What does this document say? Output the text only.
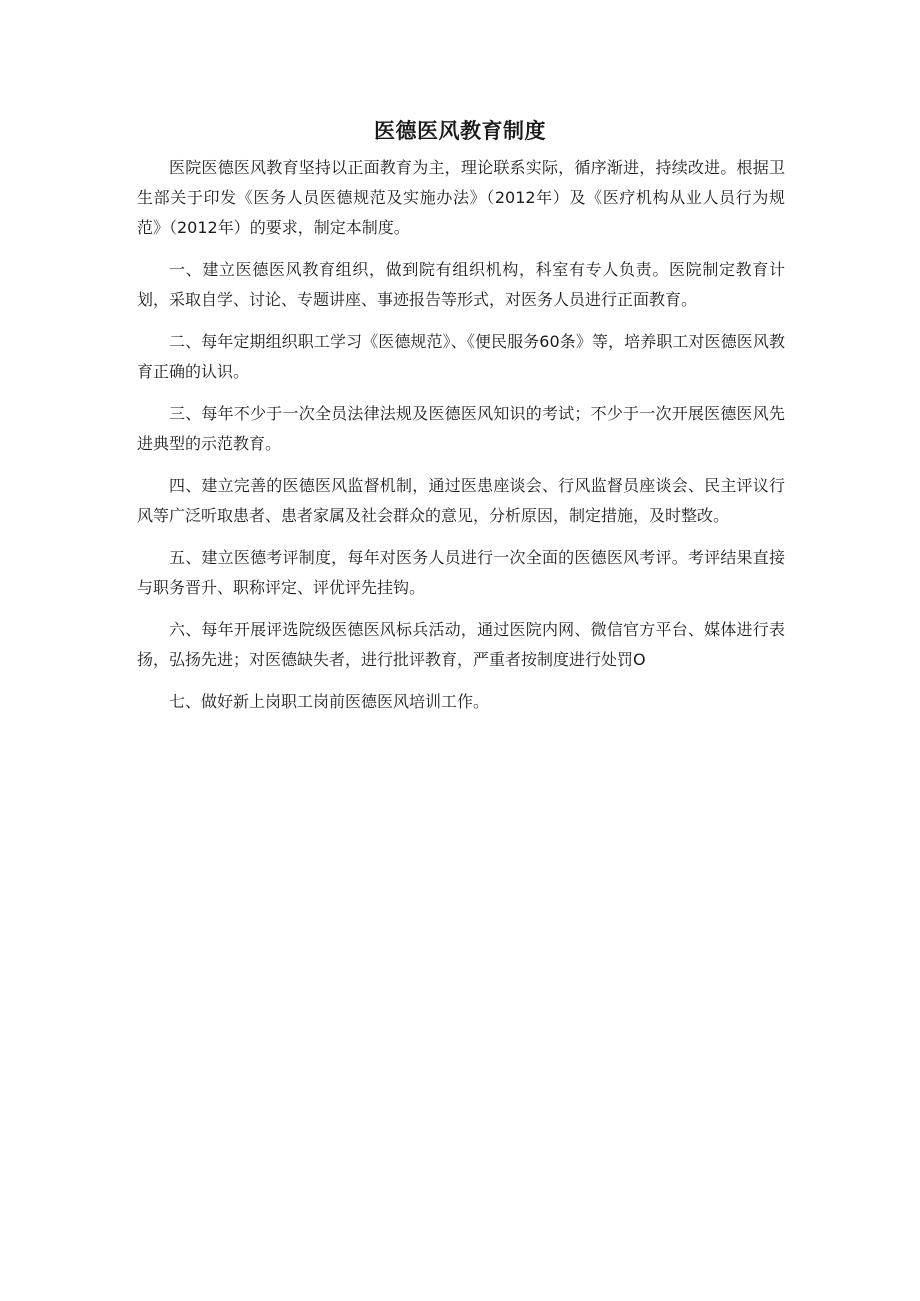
医德医风教育制度

医院医德医风教育坚持以正面教育为主，理论联系实际，循序渐进，持续改进。根据卫生部关于印发《医务人员医德规范及实施办法》（2012年）及《医疗机构从业人员行为规范》（2012年）的要求，制定本制度。

一、建立医德医风教育组织，做到院有组织机构，科室有专人负责。医院制定教育计划，采取自学、讨论、专题讲座、事迹报告等形式，对医务人员进行正面教育。

二、每年定期组织职工学习《医德规范》、《便民服务60条》等，培养职工对医德医风教育正确的认识。

三、每年不少于一次全员法律法规及医德医风知识的考试；不少于一次开展医德医风先进典型的示范教育。

四、建立完善的医德医风监督机制，通过医患座谈会、行风监督员座谈会、民主评议行风等广泛听取患者、患者家属及社会群众的意见，分析原因，制定措施，及时整改。

五、建立医德考评制度，每年对医务人员进行一次全面的医德医风考评。考评结果直接与职务晋升、职称评定、评优评先挂钩。

六、每年开展评选院级医德医风标兵活动，通过医院内网、微信官方平台、媒体进行表扬，弘扬先进；对医德缺失者，进行批评教育，严重者按制度进行处罚O

七、做好新上岗职工岗前医德医风培训工作。
